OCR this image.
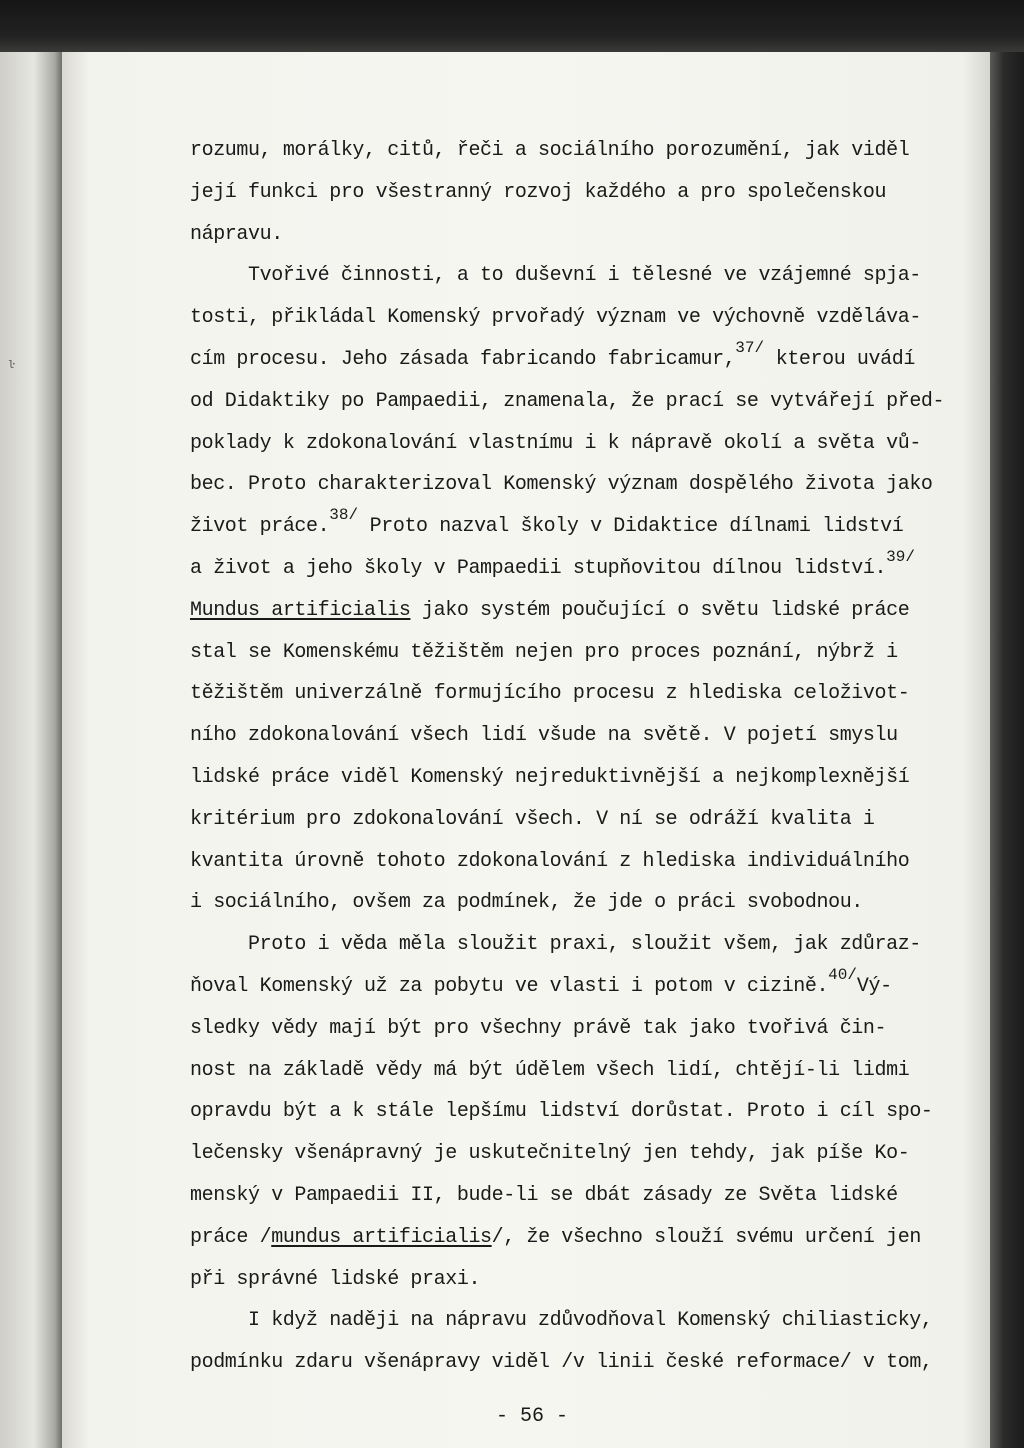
ŀ
rozumu, morálky, citů, řeči a sociálního porozumění, jak viděl
její funkci pro všestranný rozvoj každého a pro společenskou
nápravu.
Tvořivé činnosti, a to duševní i tělesné ve vzájemné spja-
tosti, přikládal Komenský prvořadý význam ve výchovně vzděláva-
cím procesu. Jeho zásada fabricando fabricamur,$^{37/}$ kterou uvádí
od Didaktiky po Pampaedii, znamenala, že prací se vytvářejí před-
poklady k zdokonalování vlastnímu i k nápravě okolí a světa vů-
bec. Proto charakterizoval Komenský význam dospělého života jako
život práce.$^{38/}$ Proto nazval školy v Didaktice dílnami lidství
a život a jeho školy v Pampaedii stupňovitou dílnou lidství.$^{39/}$
Mundus artificialis jako systém poučující o světu lidské práce
stal se Komenskému těžištěm nejen pro proces poznání, nýbrž i
těžištěm univerzálně formujícího procesu z hlediska celoživot-
ního zdokonalování všech lidí všude na světě. V pojetí smyslu
lidské práce viděl Komenský nejreduktivnější a nejkomplexnější
kritérium pro zdokonalování všech. V ní se odráží kvalita i
kvantita úrovně tohoto zdokonalování z hlediska individuálního
i sociálního, ovšem za podmínek, že jde o práci svobodnou.
Proto i věda měla sloužit praxi, sloužit všem, jak zdůraz-
ňoval Komenský už za pobytu ve vlasti i potom v cizině.$^{40/}$Vý-
sledky vědy mají být pro všechny právě tak jako tvořivá čin-
nost na základě vědy má být údělem všech lidí, chtějí-li lidmi
opravdu být a k stále lepšímu lidství dorůstat. Proto i cíl spo-
lečensky všenápravný je uskutečnitelný jen tehdy, jak píše Ko-
menský v Pampaedii II, bude-li se dbát zásady ze Světa lidské
práce /mundus artificialis/, že všechno slouží svému určení jen
při správné lidské praxi.
I když naději na nápravu zdůvodňoval Komenský chiliasticky,
podmínku zdaru všenápravy viděl /v linii české reformace/ v tom,
- 56 -
